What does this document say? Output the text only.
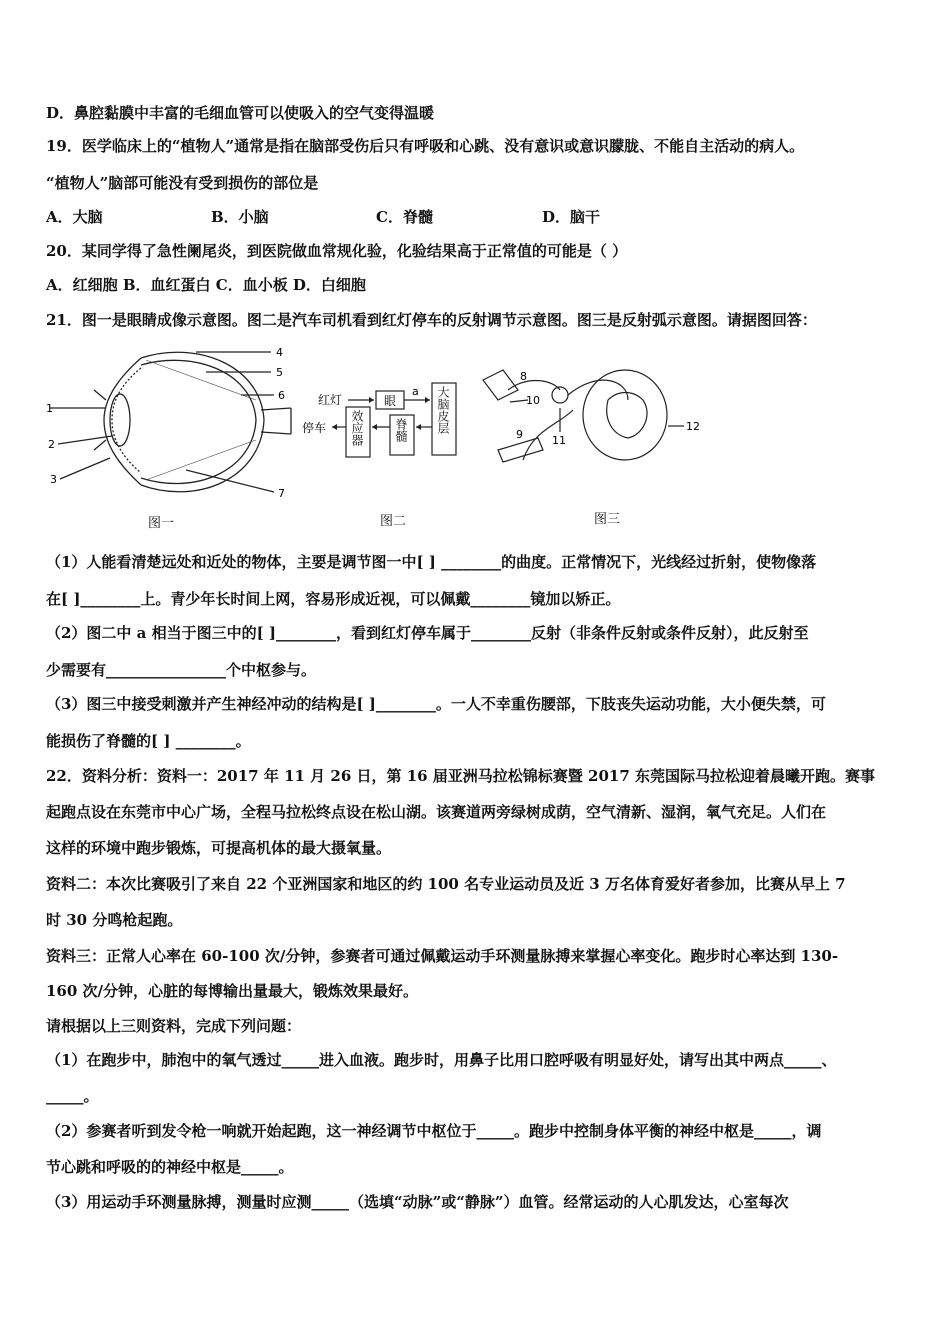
D．鼻腔黏膜中丰富的毛细血管可以使吸入的空气变得温暖
19．医学临床上的“植物人”通常是指在脑部受伤后只有呼吸和心跳、没有意识或意识朦胧、不能自主活动的病人。
“植物人”脑部可能没有受到损伤的部位是
A．大脑	B．小脑	C．脊髓	D．脑干
20．某同学得了急性阑尾炎，到医院做血常规化验，化验结果高于正常值的可能是（ ）
A．红细胞 B．血红蛋白 C．血小板 D．白细胞
21．图一是眼睛成像示意图。图二是汽车司机看到红灯停车的反射调节示意图。图三是反射弧示意图。请据图回答：
1
2
3
4
5
6
7
图一
红灯	眼
a
停车	大脑皮层
脊髓
效应器
图二
8
9
10
11
12
图三
（1）人能看清楚远处和近处的物体，主要是调节图一中[ ] ________的曲度。正常情况下，光线经过折射，使物像落
在[ ]________上。青少年长时间上网，容易形成近视，可以佩戴________镜加以矫正。
（2）图二中 a 相当于图三中的[ ]________，看到红灯停车属于________反射（非条件反射或条件反射），此反射至
少需要有________________个中枢参与。
（3）图三中接受刺激并产生神经冲动的结构是[ ]________。一人不幸重伤腰部，下肢丧失运动功能，大小便失禁，可
能损伤了脊髓的[ ] ________。
22．资料分析：资料一：2017 年 11 月 26 日，第 16 届亚洲马拉松锦标赛暨 2017 东莞国际马拉松迎着晨曦开跑。赛事
起跑点设在东莞市中心广场，全程马拉松终点设在松山湖。该赛道两旁绿树成荫，空气清新、湿润，氧气充足。人们在
这样的环境中跑步锻炼，可提高机体的最大摄氧量。
资料二：本次比赛吸引了来自 22 个亚洲国家和地区的约 100 名专业运动员及近 3 万名体育爱好者参加，比赛从早上 7
时 30 分鸣枪起跑。
资料三：正常人心率在 60-100 次/分钟，参赛者可通过佩戴运动手环测量脉搏来掌握心率变化。跑步时心率达到 130-
160 次/分钟，心脏的每博输出量最大，锻炼效果最好。
请根据以上三则资料，完成下列问题：
（1）在跑步中，肺泡中的氧气透过_____进入血液。跑步时，用鼻子比用口腔呼吸有明显好处，请写出其中两点_____、
_____。
（2）参赛者听到发令枪一响就开始起跑，这一神经调节中枢位于_____。跑步中控制身体平衡的神经中枢是_____，调
节心跳和呼吸的的神经中枢是_____。
（3）用运动手环测量脉搏，测量时应测_____（选填“动脉”或“静脉”）血管。经常运动的人心肌发达，心室每次
